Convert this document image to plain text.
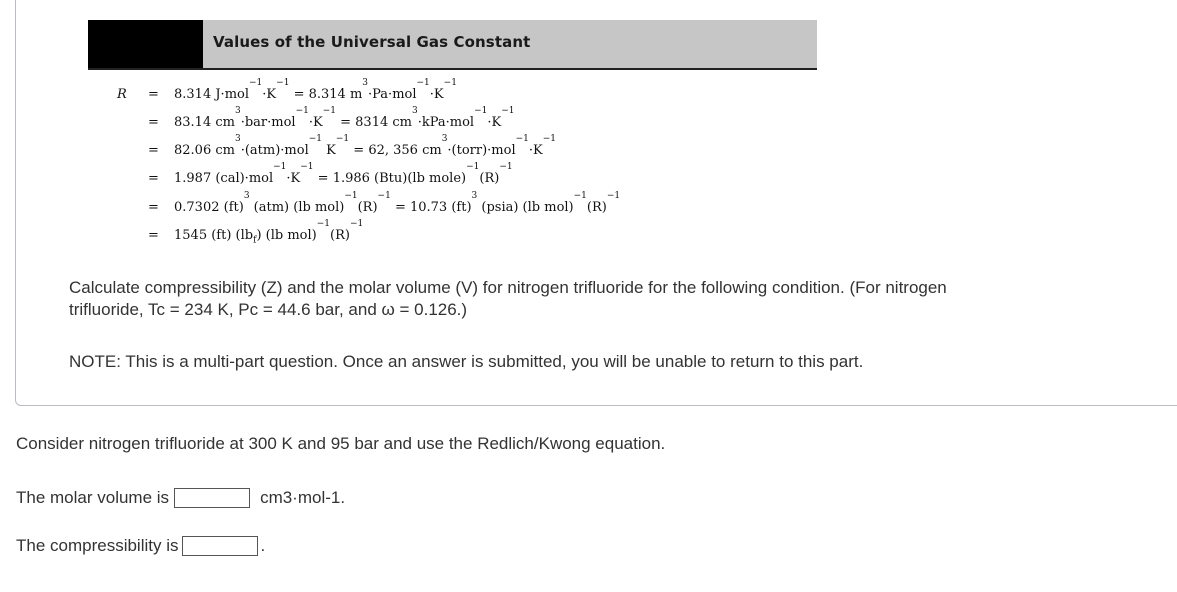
Values of the Universal Gas Constant
R =
=
=
=
=
=
8.314 $J\cdot mol^{-1}\cdot K^{-1} = 8.314$ $m^3\cdot Pa\cdot mol^{-1}\cdot K^{-1}$
83.14 $cm^3\cdot bar\cdot mol^{-1}\cdot K^{-1} = 8314$ $cm^3\cdot kPa\cdot mol^{-1}\cdot K^{-1}$
82.06 $cm^3\cdot(atm)\cdot mol^{-1}$ $K^{-1} = 62$, 356 $cm^3\cdot(torr)\cdot mol^{-1}\cdot K^{-1}$
1.987 $(cal)\cdot mol^{-1}\cdot K^{-1} = 1.986$ (Btu)(lb $mole)^{-1}(R)^{-1}$
0.7302 (ft)$^3$ (atm) (lb $mol)^{-1}(R)^{-1} = 10.73$ (ft)$^3$ (psia) (lb $mol)^{-1}(R)^{-1}$
1545 (ft) $(lb_f)$ (lb $mol)^{-1}(R)^{-1}$
Calculate compressibility (Z) and the molar volume (V) for nitrogen trifluoride for the following condition. (For nitrogen
trifluoride, Tc = 234 K, Pc = 44.6 bar, and ω = 0.126.)
NOTE: This is a multi-part question. Once an answer is submitted, you will be unable to return to this part.
Consider nitrogen trifluoride at 300 K and 95 bar and use the Redlich/Kwong equation.
The molar volume is	cm3·mol-1.
The compressibility is	.
